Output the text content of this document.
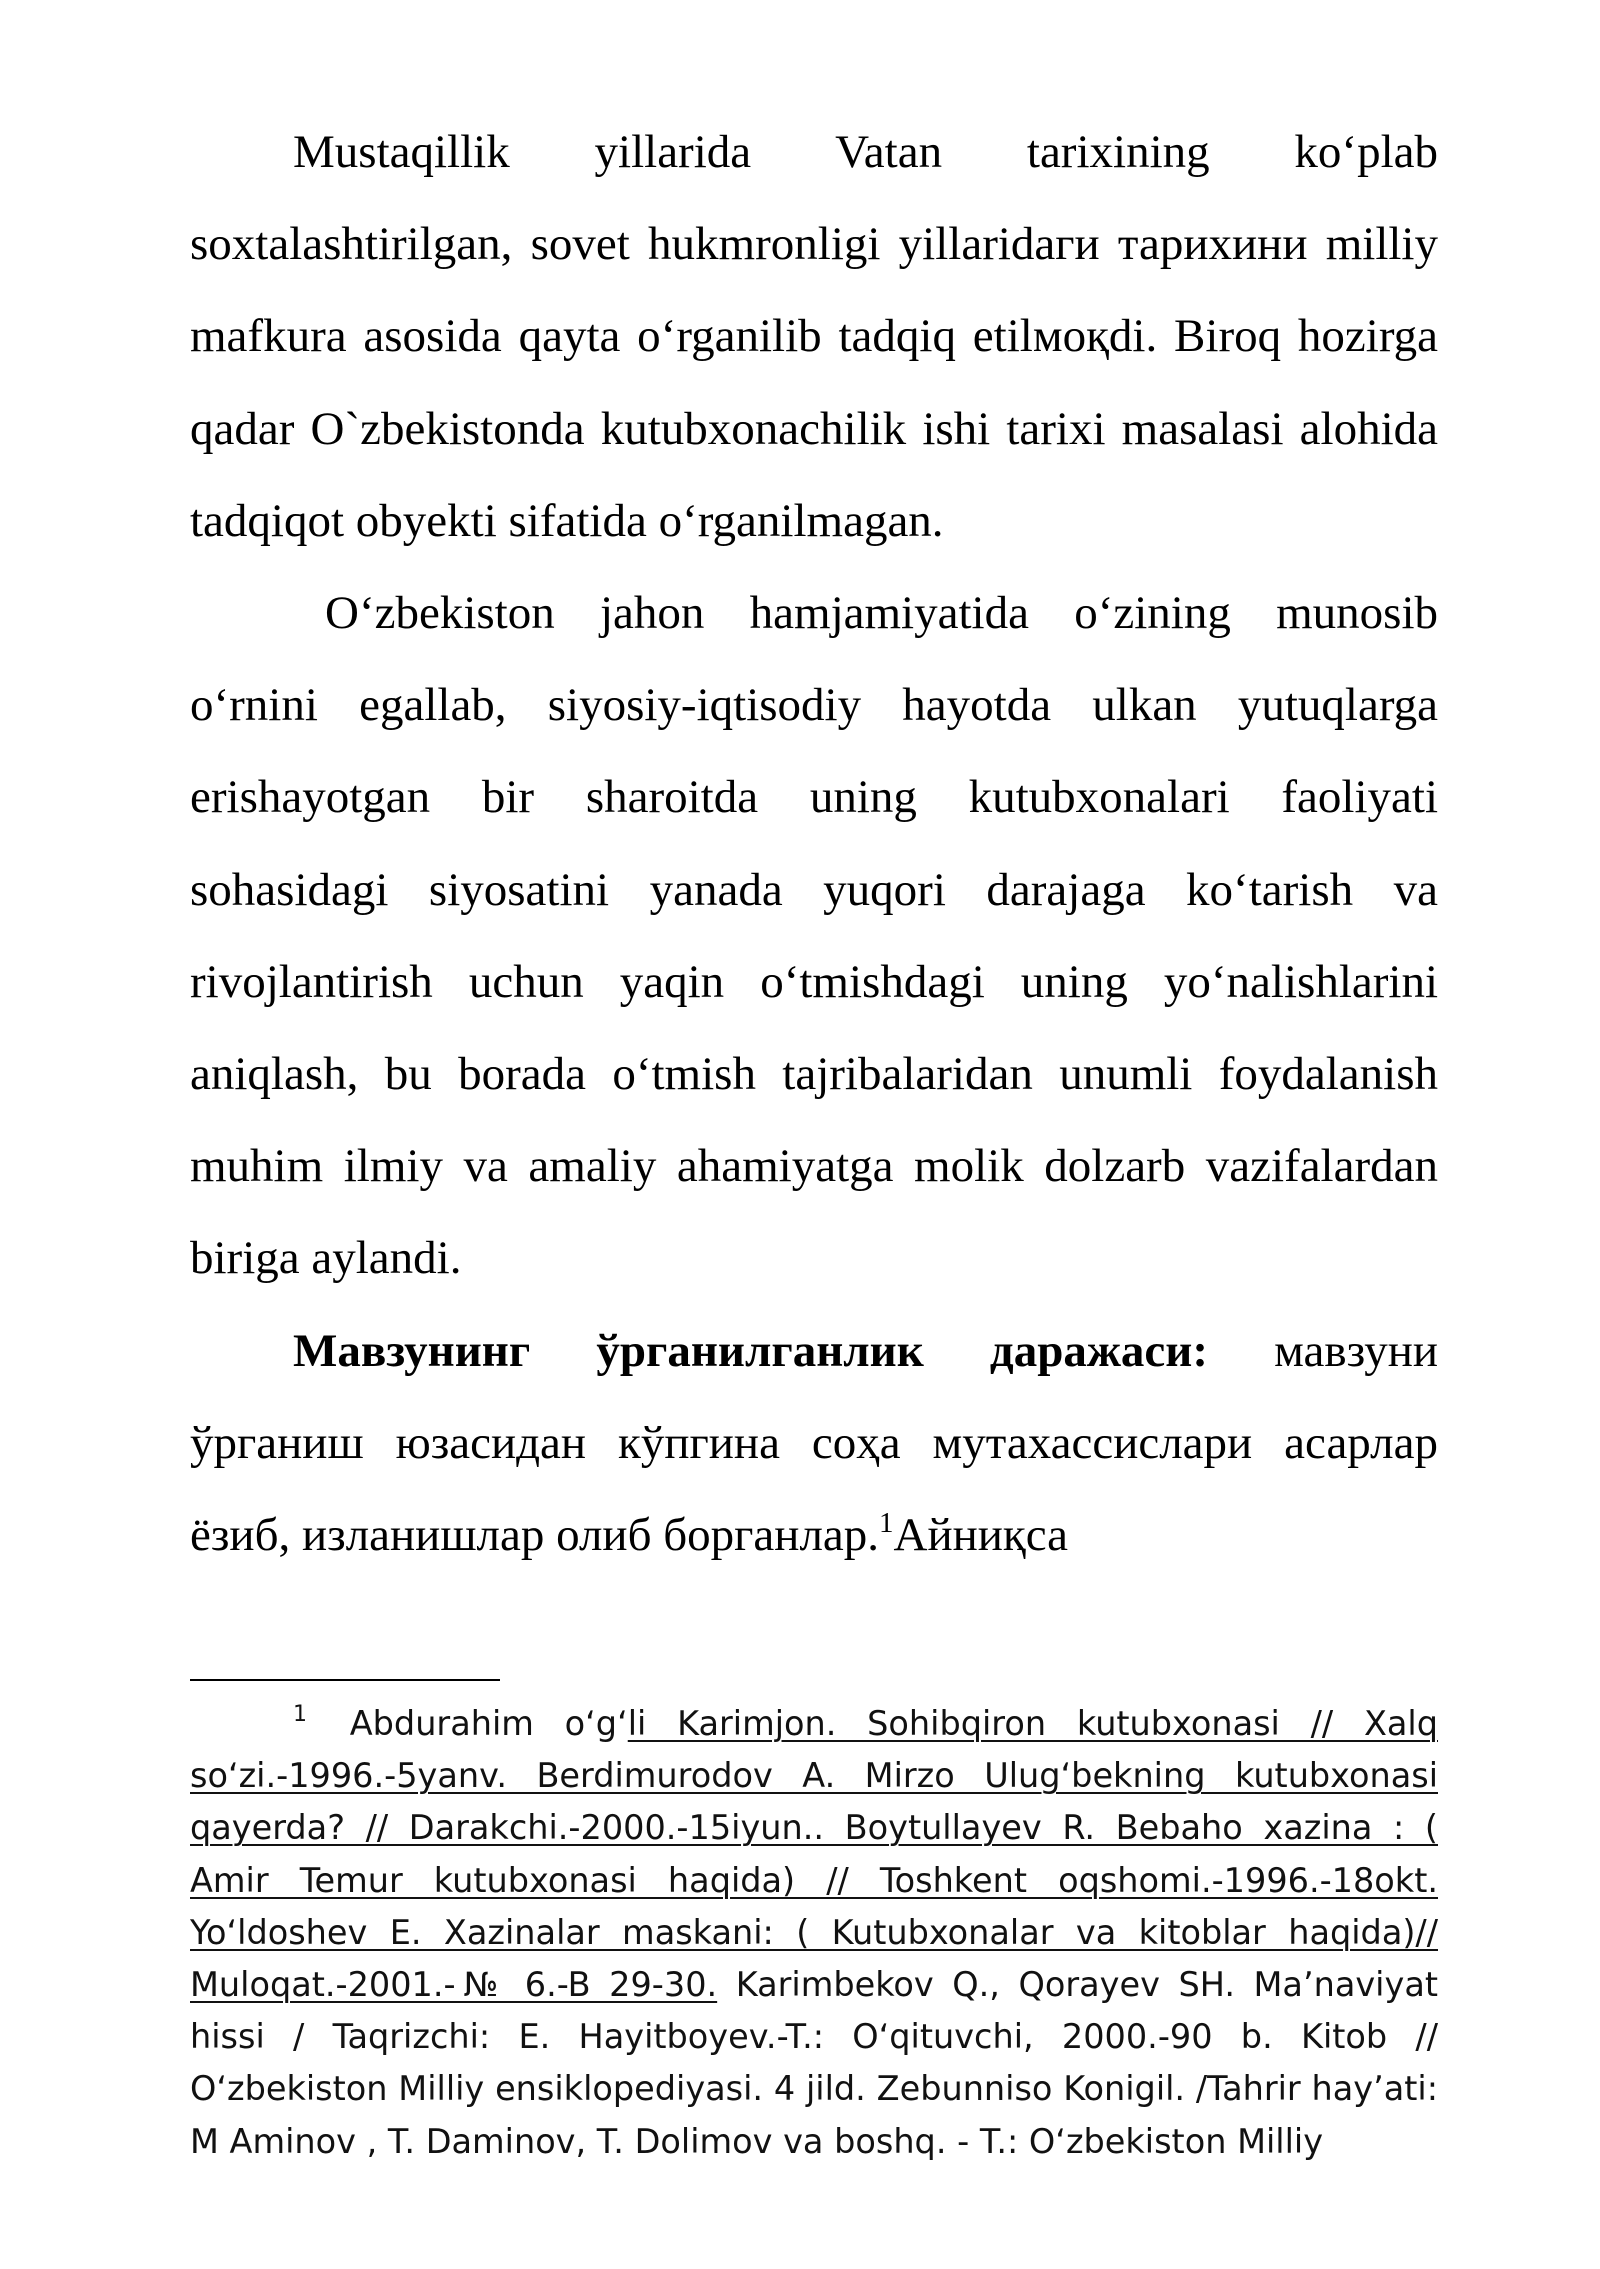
Mustaqillik yillarida Vatan tarixining ko‘plab soxtalashtirilgan, sovet hukmronligi yillaridaги тарихини milliy mafkura asosida qayta o‘rganilib tadqiq etilмоқdi. Biroq hozirga qadar O`zbekistonda kutubxonachilik ishi tarixi masalasi alohida tadqiqot obyekti sifatida o‘rganilmagan.

O‘zbekiston jahon hamjamiyatida o‘zining munosib o‘rnini egallab, siyosiy-iqtisodiy hayotda ulkan yutuqlarga erishayotgan bir sharoitda uning kutubxonalari faoliyati sohasidagi siyosatini yanada yuqori darajaga ko‘tarish va rivojlantirish uchun yaqin o‘tmishdagi uning yo‘nalishlarini aniqlash, bu borada o‘tmish tajribalaridan unumli foydalanish muhim ilmiy va amaliy ahamiyatga molik dolzarb vazifalardan biriga aylandi.

Мавзунинг ўрганилганлик даражаси: мавзуни ўрганиш юзасидан кўпгина соҳа мутахассислари асарлар ёзиб, изланишлар олиб борганлар.$^1$Айниқса

$^1$ Abdurahim o‘g‘li Karimjon. Sohibqiron kutubxonasi // Xalq so‘zi.-1996.-5yanv. Berdimurodov A. Mirzo Ulug‘bekning kutubxonasi qayerda? // Darakchi.-2000.-15iyun.. Boytullayev R. Bebaho xazina : ( Amir Temur kutubxonasi haqida) // Toshkent oqshomi.-1996.-18okt. Yo‘ldoshev E. Xazinalar maskani: ( Kutubxonalar va kitoblar haqida)// Muloqat.-2001.-№ 6.-B 29-30. Karimbekov Q., Qorayev SH. Ma’naviyat hissi / Taqrizchi: E. Hayitboyev.-T.: O‘qituvchi, 2000.-90 b. Kitob // O‘zbekiston Milliy ensiklopediyasi. 4 jild. Zebunniso Konigil. /Tahrir hay’ati: M Aminov , T. Daminov, T. Dolimov va boshq. - T.: O‘zbekiston Milliy
